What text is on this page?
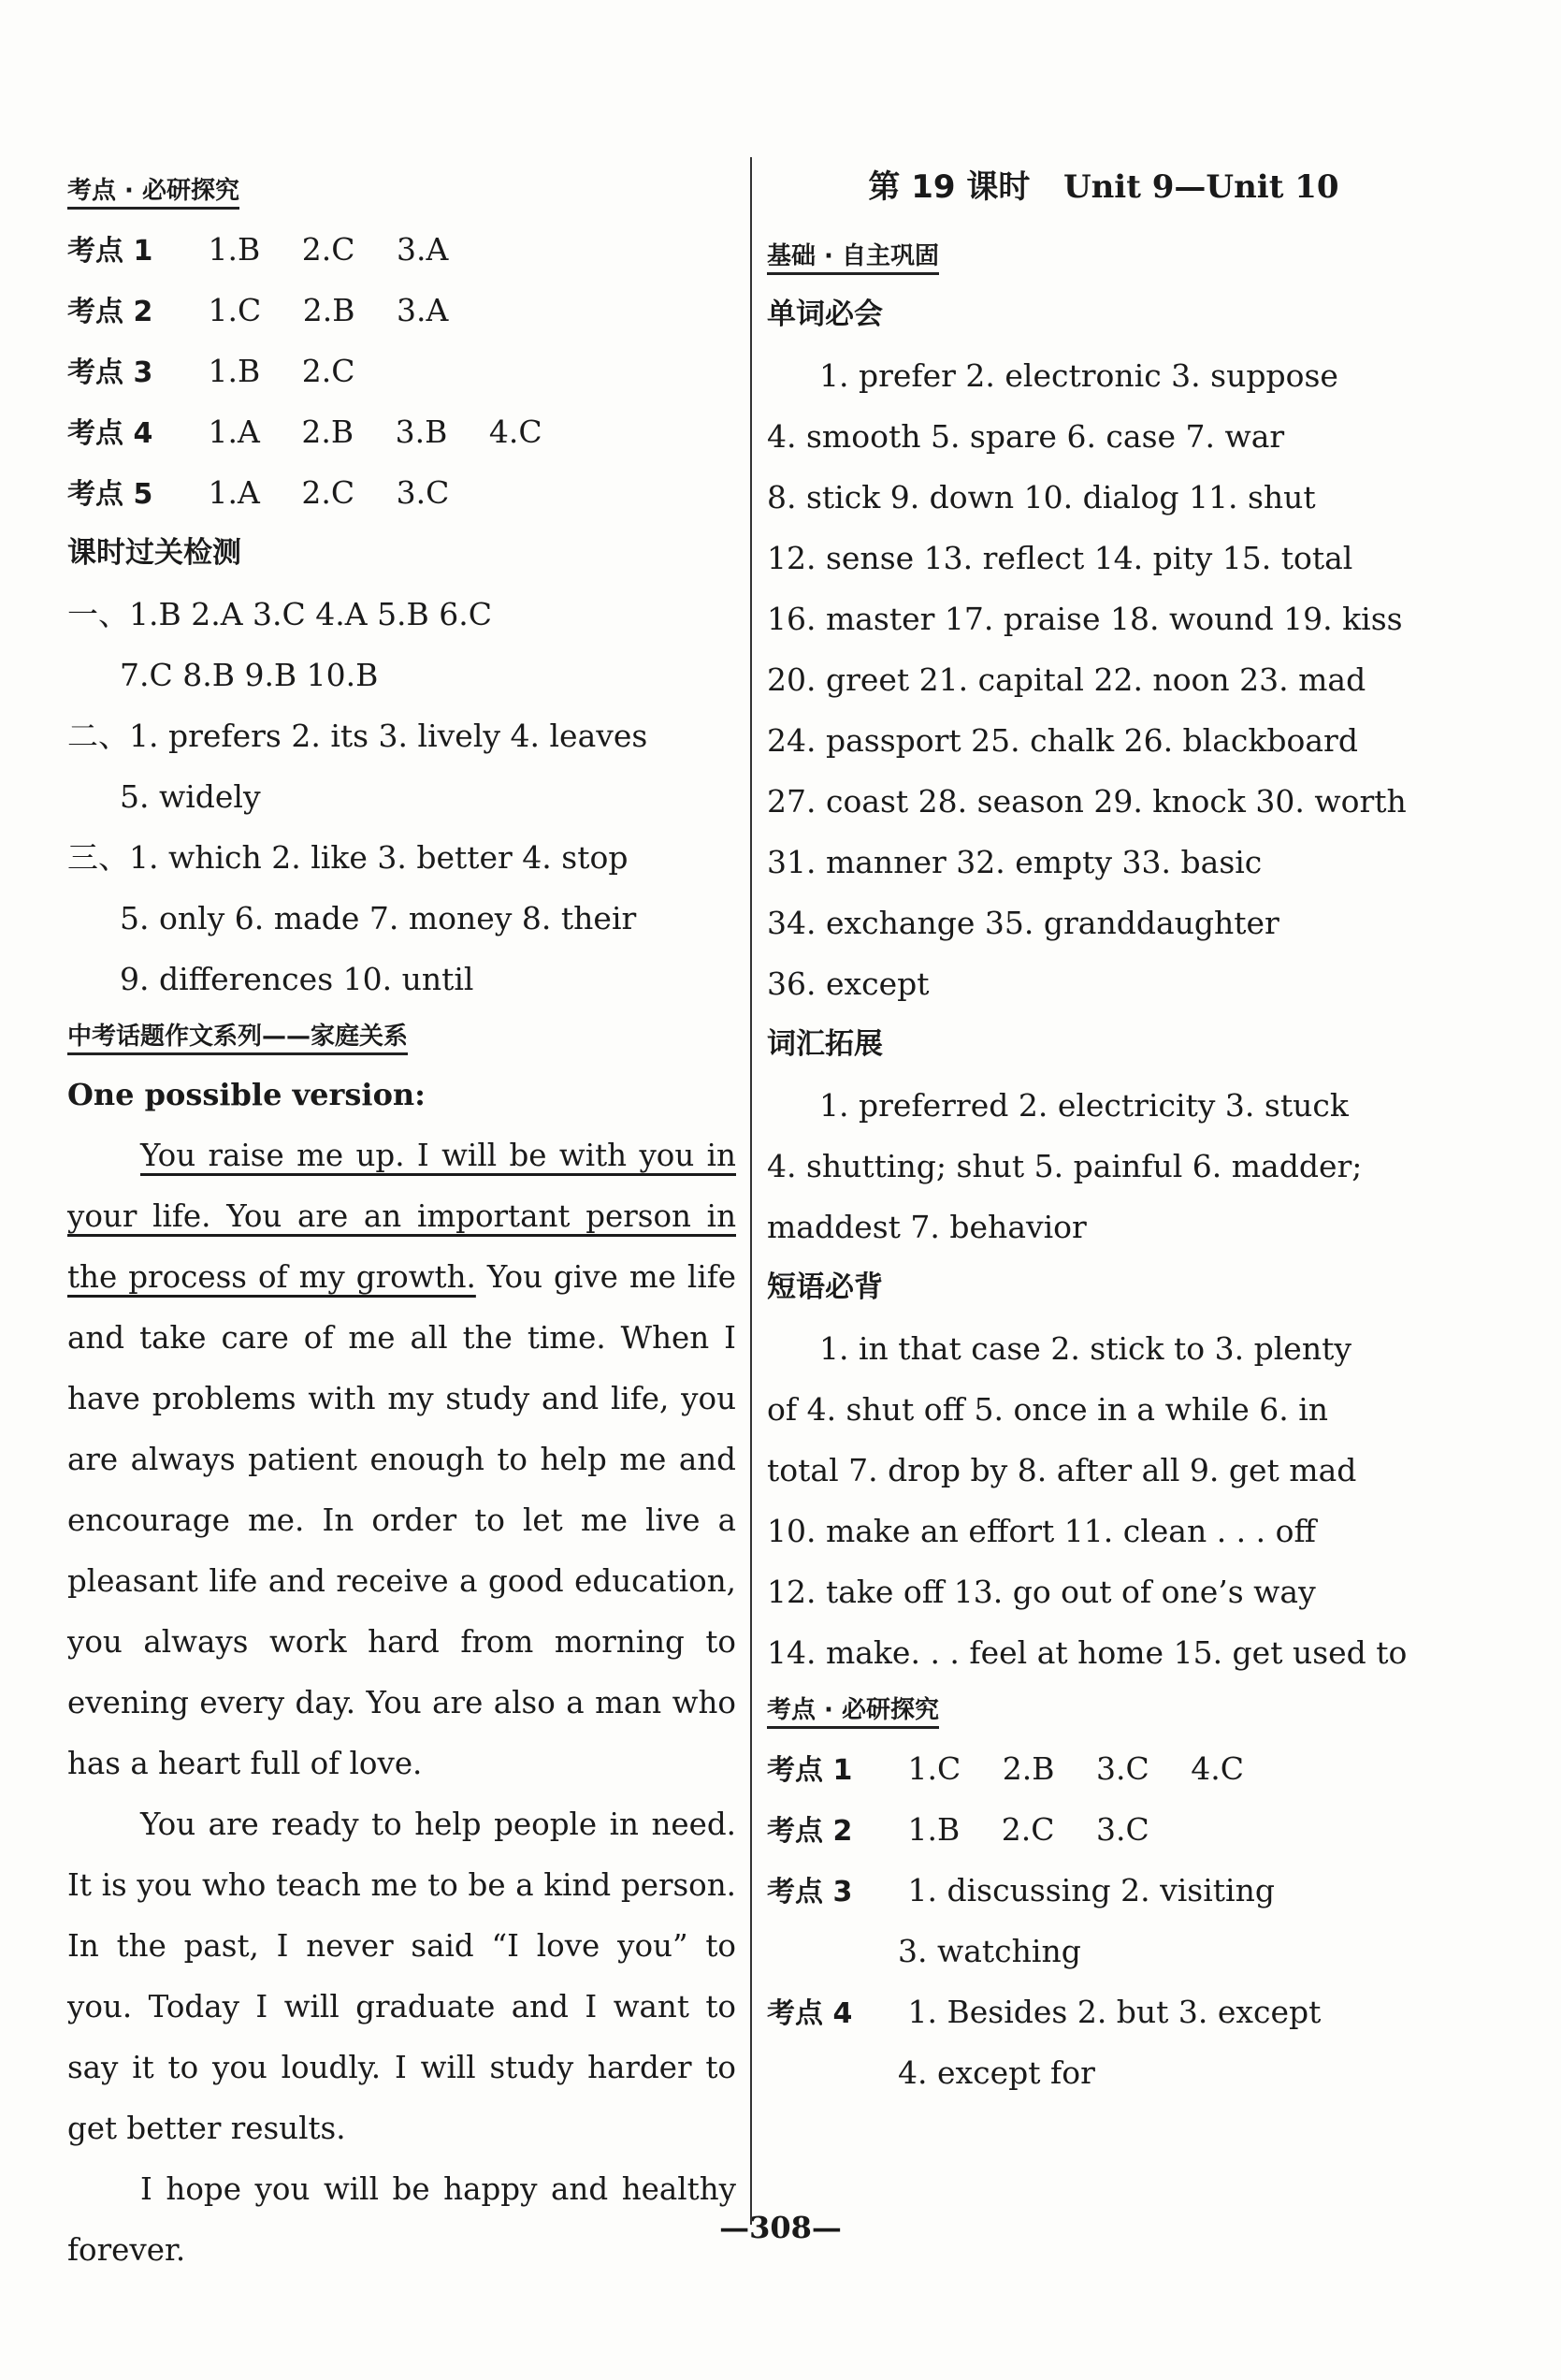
考点 · 必研探究
考点 1 1.B 2.C 3.A
考点 2 1.C 2.B 3.A
考点 3 1.B 2.C
考点 4 1.A 2.B 3.B 4.C
考点 5 1.A 2.C 3.C
课时过关检测
一、1.B 2.A 3.C 4.A 5.B 6.C
7.C 8.B 9.B 10.B
二、1. prefers 2. its 3. lively 4. leaves
5. widely
三、1. which 2. like 3. better 4. stop
5. only 6. made 7. money 8. their
9. differences 10. until
中考话题作文系列——家庭关系
One possible version:

You raise me up. I will be with you in your life. You are an important person in the process of my growth. You give me life and take care of me all the time. When I have problems with my study and life, you are always patient enough to help me and encourage me. In order to let me live a pleasant life and receive a good education, you always work hard from morning to evening every day. You are also a man who has a heart full of love.

You are ready to help people in need. It is you who teach me to be a kind person. In the past, I never said “I love you” to you. Today I will graduate and I want to say it to you loudly. I will study harder to get better results.

I hope you will be happy and healthy forever.

第 19 课时 Unit 9—Unit 10
基础 · 自主巩固
单词必会
1. prefer 2. electronic 3. suppose
4. smooth 5. spare 6. case 7. war
8. stick 9. down 10. dialog 11. shut
12. sense 13. reflect 14. pity 15. total
16. master 17. praise 18. wound 19. kiss
20. greet 21. capital 22. noon 23. mad
24. passport 25. chalk 26. blackboard
27. coast 28. season 29. knock 30. worth
31. manner 32. empty 33. basic
34. exchange 35. granddaughter
36. except
词汇拓展
1. preferred 2. electricity 3. stuck
4. shutting; shut 5. painful 6. madder;
maddest 7. behavior
短语必背
1. in that case 2. stick to 3. plenty
of 4. shut off 5. once in a while 6. in
total 7. drop by 8. after all 9. get mad
10. make an effort 11. clean . . . off
12. take off 13. go out of one’s way
14. make. . . feel at home 15. get used to
考点 · 必研探究
考点 1 1.C 2.B 3.C 4.C
考点 2 1.B 2.C 3.C
考点 3 1. discussing 2. visiting
3. watching
考点 4 1. Besides 2. but 3. except
4. except for
—308—
